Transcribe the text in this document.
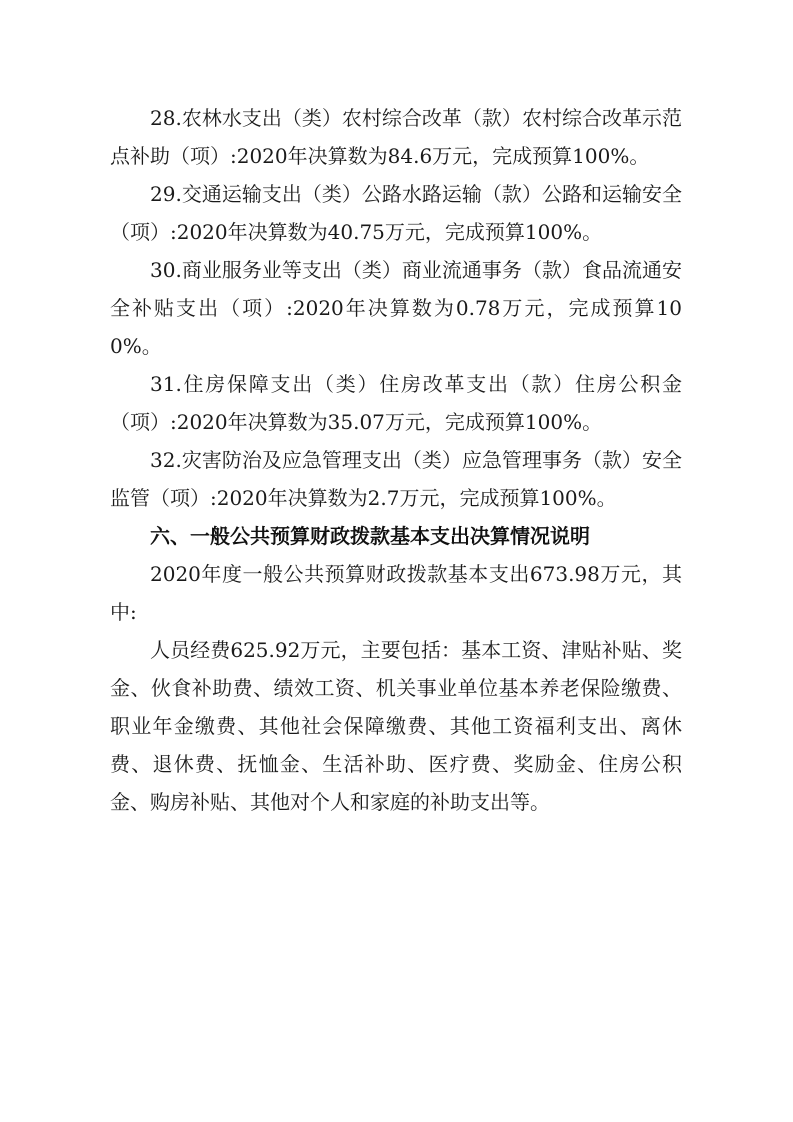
28.农林水支出（类）农村综合改革（款）农村综合改革示范点补助（项）:2020年决算数为84.6万元，完成预算100%。

29.交通运输支出（类）公路水路运输（款）公路和运输安全（项）:2020年决算数为40.75万元，完成预算100%。

30.商业服务业等支出（类）商业流通事务（款）食品流通安全补贴支出（项）:2020年决算数为0.78万元，完成预算100%。

31.住房保障支出（类）住房改革支出（款）住房公积金（项）:2020年决算数为35.07万元，完成预算100%。

32.灾害防治及应急管理支出（类）应急管理事务（款）安全监管（项）:2020年决算数为2.7万元，完成预算100%。

六、一般公共预算财政拨款基本支出决算情况说明

2020年度一般公共预算财政拨款基本支出673.98万元，其中:

人员经费625.92万元，主要包括：基本工资、津贴补贴、奖金、伙食补助费、绩效工资、机关事业单位基本养老保险缴费、职业年金缴费、其他社会保障缴费、其他工资福利支出、离休费、退休费、抚恤金、生活补助、医疗费、奖励金、住房公积金、购房补贴、其他对个人和家庭的补助支出等。
